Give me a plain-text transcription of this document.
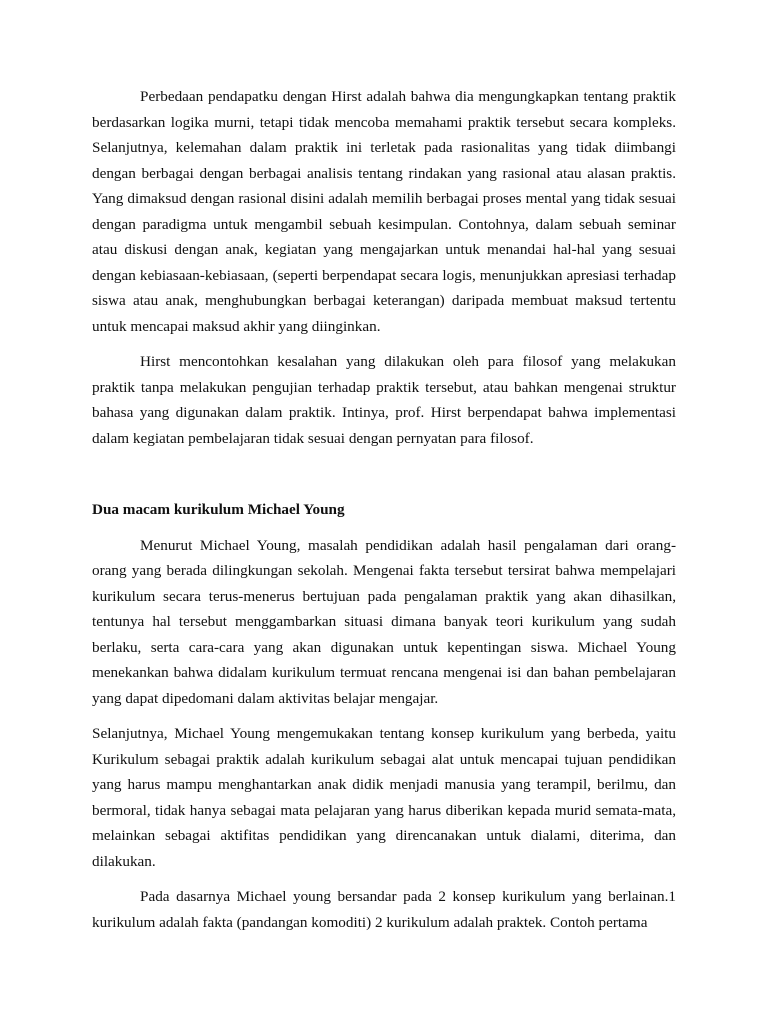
Perbedaan pendapatku dengan Hirst adalah bahwa dia mengungkapkan tentang praktik berdasarkan logika murni, tetapi tidak mencoba memahami praktik tersebut secara kompleks. Selanjutnya, kelemahan dalam praktik ini terletak pada rasionalitas yang tidak diimbangi dengan berbagai dengan berbagai analisis tentang rindakan yang rasional atau alasan praktis. Yang dimaksud dengan rasional disini adalah memilih berbagai proses mental yang tidak sesuai dengan paradigma untuk mengambil sebuah kesimpulan. Contohnya, dalam sebuah seminar atau diskusi dengan anak, kegiatan yang mengajarkan untuk menandai hal-hal yang sesuai dengan kebiasaan-kebiasaan, (seperti berpendapat secara logis, menunjukkan apresiasi terhadap siswa atau anak, menghubungkan berbagai keterangan) daripada membuat maksud tertentu untuk mencapai maksud akhir yang diinginkan.

Hirst mencontohkan kesalahan yang dilakukan oleh para filosof yang melakukan praktik tanpa melakukan pengujian terhadap praktik tersebut, atau bahkan mengenai struktur bahasa yang digunakan dalam praktik. Intinya, prof. Hirst berpendapat bahwa implementasi dalam kegiatan pembelajaran tidak sesuai dengan pernyatan para filosof.

Dua macam kurikulum Michael Young

Menurut Michael Young, masalah pendidikan adalah hasil pengalaman dari orang-orang yang berada dilingkungan sekolah. Mengenai fakta tersebut tersirat bahwa mempelajari kurikulum secara terus-menerus bertujuan pada pengalaman praktik yang akan dihasilkan, tentunya hal tersebut menggambarkan situasi dimana banyak teori kurikulum yang sudah berlaku, serta cara-cara yang akan digunakan untuk kepentingan siswa. Michael Young menekankan bahwa didalam kurikulum termuat rencana mengenai isi dan bahan pembelajaran yang dapat dipedomani dalam aktivitas belajar mengajar.

Selanjutnya, Michael Young mengemukakan tentang konsep kurikulum yang berbeda, yaitu Kurikulum sebagai praktik adalah kurikulum sebagai alat untuk mencapai tujuan pendidikan yang harus mampu menghantarkan anak didik menjadi manusia yang terampil, berilmu, dan bermoral, tidak hanya sebagai mata pelajaran yang harus diberikan kepada murid semata-mata, melainkan sebagai aktifitas pendidikan yang direncanakan untuk dialami, diterima, dan dilakukan.

Pada dasarnya Michael young bersandar pada 2 konsep kurikulum yang berlainan.1 kurikulum adalah fakta (pandangan komoditi) 2 kurikulum adalah praktek. Contoh pertama
